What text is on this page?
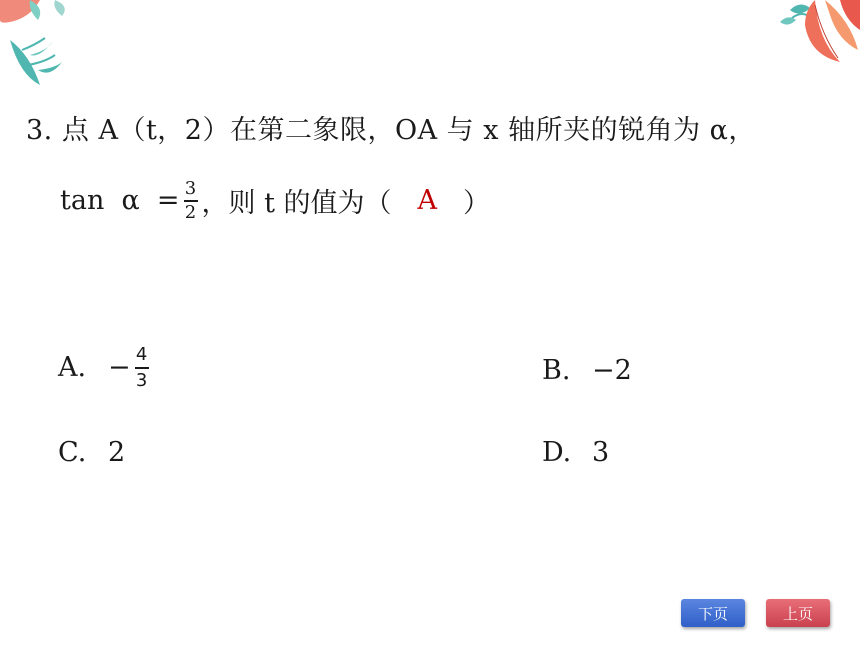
3. 点 A（t，2）在第二象限，OA 与 x 轴所夹的锐角为 α，
$\tan \alpha = \frac{3}{2}$ ，则 t 的值为（ A ）
A. − $\frac{4}{3}$	B. −2
C. 2	D. 3
下页	上页
